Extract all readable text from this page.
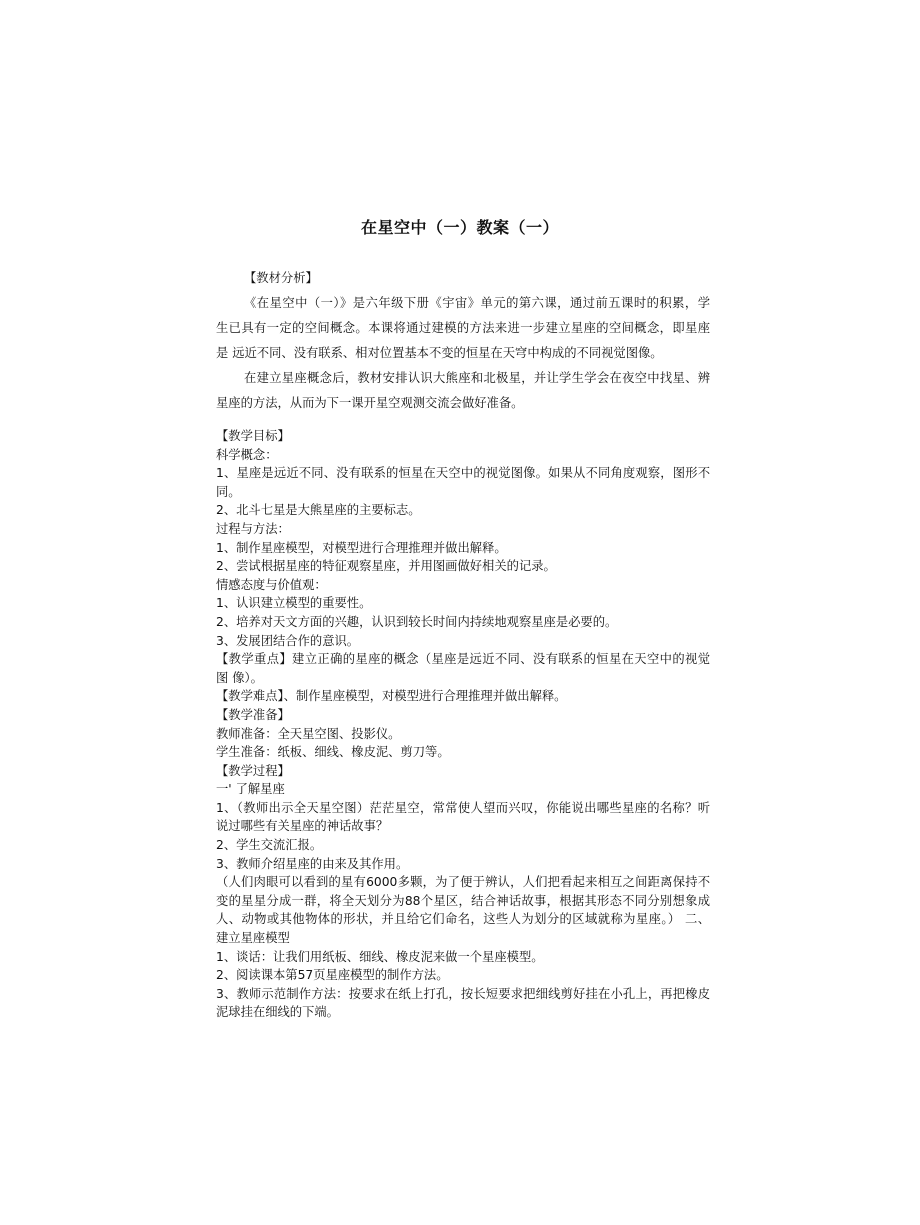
在星空中（一）教案（一）
【教材分析】
《在星空中（一）》是六年级下册《宇宙》单元的第六课，通过前五课时的积累，学
生已具有一定的空间概念。本课将通过建模的方法来进一步建立星座的空间概念，即星座
是 远近不同、没有联系、相对位置基本不变的恒星在天穹中构成的不同视觉图像。
在建立星座概念后，教材安排认识大熊座和北极星，并让学生学会在夜空中找星、辨
星座的方法，从而为下一课开星空观测交流会做好准备。
【教学目标】
科学概念：
1、星座是远近不同、没有联系的恒星在天空中的视觉图像。如果从不同角度观察，图形不
同。
2、北斗七星是大熊星座的主要标志。
过程与方法：
1、制作星座模型，对模型进行合理推理并做出解释。
2、尝试根据星座的特征观察星座，并用图画做好相关的记录。
情感态度与价值观：
1、认识建立模型的重要性。
2、培养对天文方面的兴趣，认识到较长时间内持续地观察星座是必要的。
3、发展团结合作的意识。
【教学重点】建立正确的星座的概念（星座是远近不同、没有联系的恒星在天空中的视觉
图 像）。
【教学难点】、制作星座模型，对模型进行合理推理并做出解释。
【教学准备】
教师准备：全天星空图、投影仪。
学生准备：纸板、细线、橡皮泥、剪刀等。
【教学过程】
一' 了解星座
1、（教师出示全天星空图）茫茫星空，常常使人望而兴叹，你能说出哪些星座的名称？听
说过哪些有关星座的神话故事？
2、学生交流汇报。
3、教师介绍星座的由来及其作用。
（人们肉眼可以看到的星有6000多颗，为了便于辨认，人们把看起来相互之间距离保持不
变的星星分成一群，将全天划分为88个星区，结合神话故事，根据其形态不同分别想象成
人、动物或其他物体的形状，并且给它们命名，这些人为划分的区域就称为星座。） 二、
建立星座模型
1、谈话：让我们用纸板、细线、橡皮泥来做一个星座模型。
2、阅读课本第57页星座模型的制作方法。
3、教师示范制作方法：按要求在纸上打孔，按长短要求把细线剪好挂在小孔上，再把橡皮
泥球挂在细线的下端。
